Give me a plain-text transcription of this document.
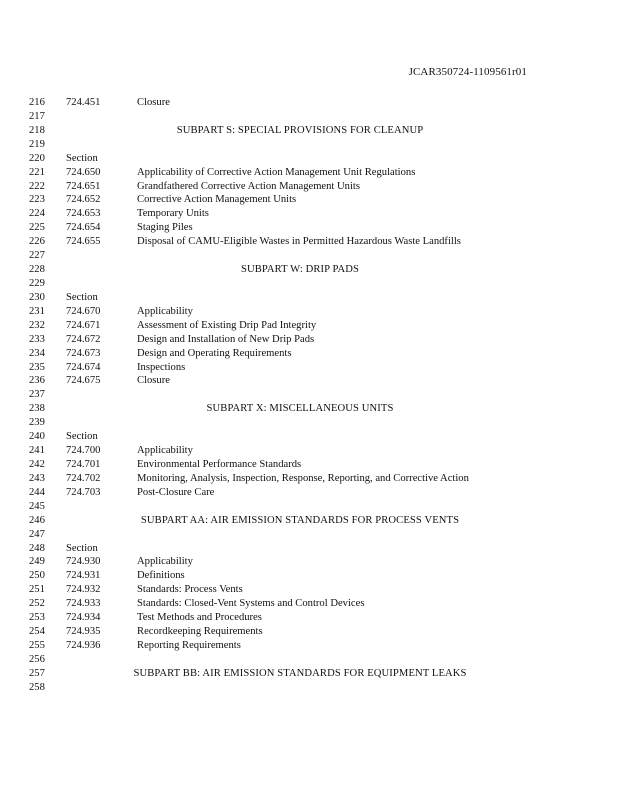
JCAR350724-1109561r01
216 724.451	Closure
217
218	SUBPART S: SPECIAL PROVISIONS FOR CLEANUP
219
220 Section
221 724.650	Applicability of Corrective Action Management Unit Regulations
222 724.651	Grandfathered Corrective Action Management Units
223 724.652	Corrective Action Management Units
224 724.653	Temporary Units
225 724.654	Staging Piles
226 724.655	Disposal of CAMU-Eligible Wastes in Permitted Hazardous Waste Landfills
227
228	SUBPART W: DRIP PADS
229
230 Section
231 724.670	Applicability
232 724.671	Assessment of Existing Drip Pad Integrity
233 724.672	Design and Installation of New Drip Pads
234 724.673	Design and Operating Requirements
235 724.674	Inspections
236 724.675	Closure
237
238	SUBPART X: MISCELLANEOUS UNITS
239
240 Section
241 724.700	Applicability
242 724.701	Environmental Performance Standards
243 724.702	Monitoring, Analysis, Inspection, Response, Reporting, and Corrective Action
244 724.703	Post-Closure Care
245
246	SUBPART AA: AIR EMISSION STANDARDS FOR PROCESS VENTS
247
248 Section
249 724.930	Applicability
250 724.931	Definitions
251 724.932	Standards: Process Vents
252 724.933	Standards: Closed-Vent Systems and Control Devices
253 724.934	Test Methods and Procedures
254 724.935	Recordkeeping Requirements
255 724.936	Reporting Requirements
256
257	SUBPART BB: AIR EMISSION STANDARDS FOR EQUIPMENT LEAKS
258
